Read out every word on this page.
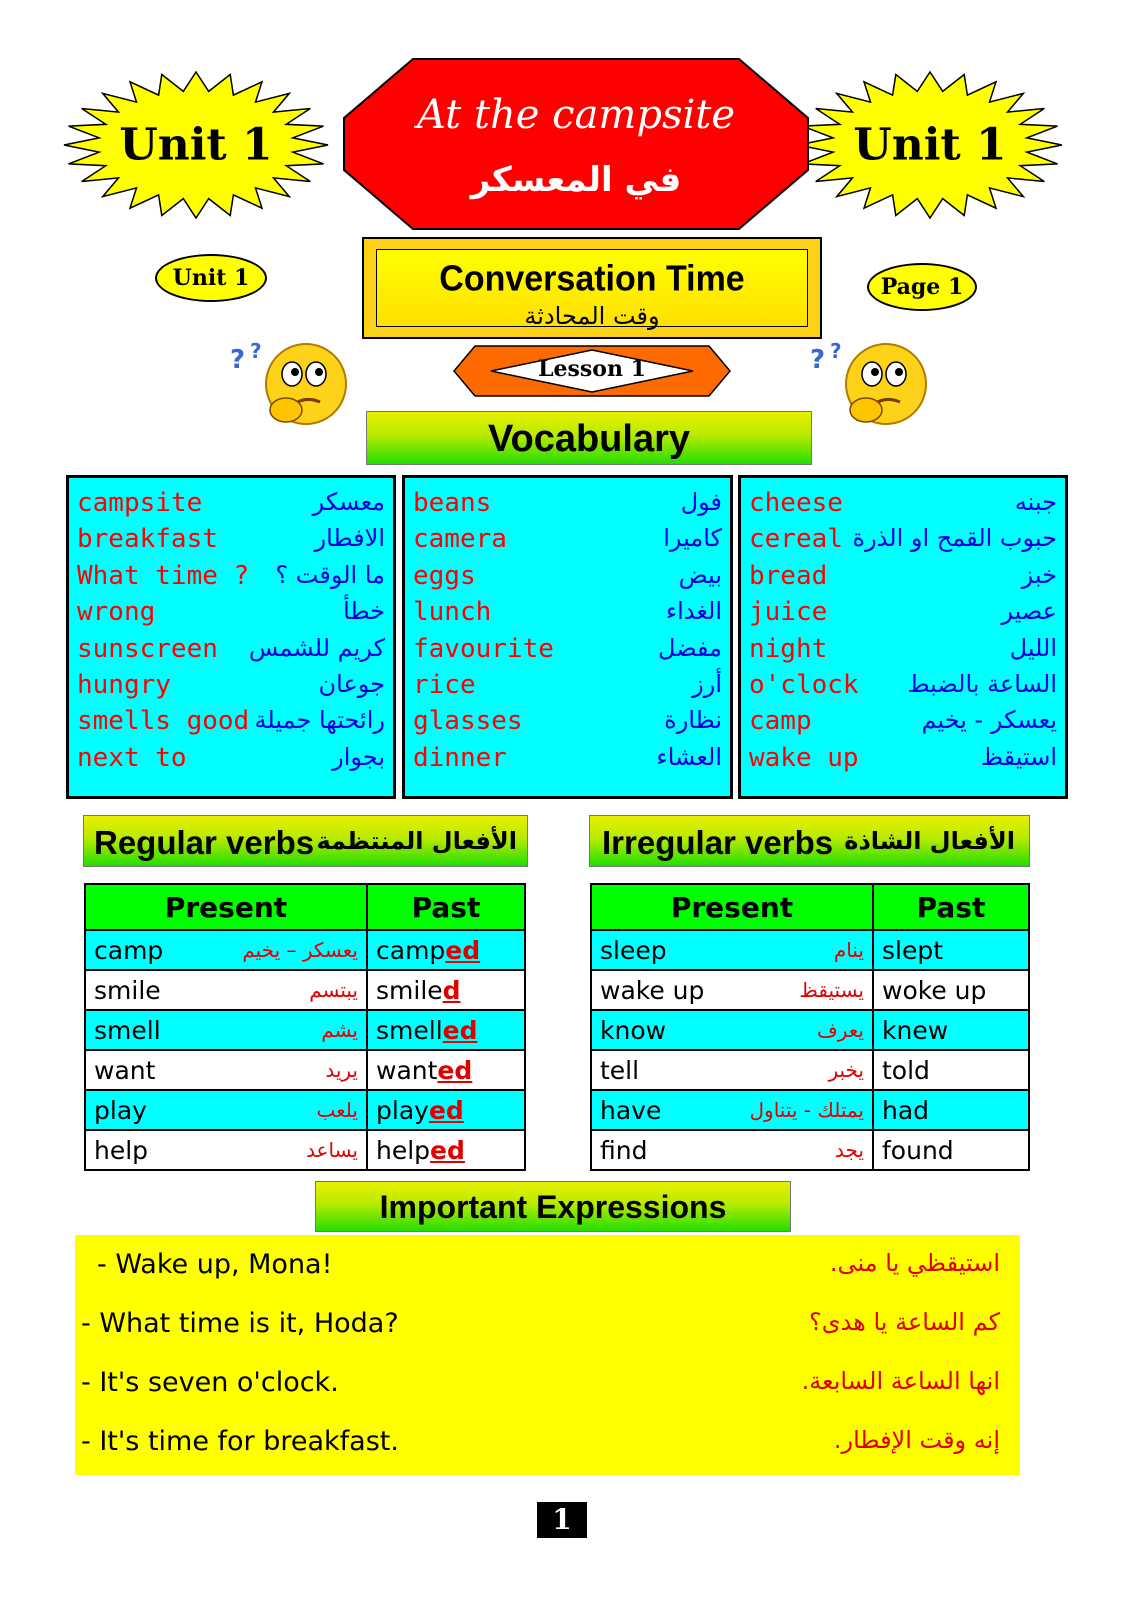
Unit 1	Unit 1
At the campsite
في المعسكر
Unit 1	Page 1
Conversation Time
وقت المحادثة
? ?	? ?
Lesson 1
Vocabulary
campsite	معسكر
breakfast	الافطار
What time ? ما الوقت ؟
wrong	خطأ
sunscreen كريم للشمس
hungry	جوعان
smells good رائحتها جميلة
next to	بجوار
beans	فول
camera	كاميرا
eggs	بيض
lunch	الغداء
favourite	مفضل
rice	أرز
glasses	نظارة
dinner	العشاء
cheese	جبنه
cereal حبوب القمح او الذرة
bread	خبز
juice	عصير
night	الليل
o'clock الساعة بالضبط
camp	يعسكر - يخيم
wake up	استيقظ
Regular verbs الأفعال المنتظمة	Irregular verbs الأفعال الشاذة
Present	Past

camp يعسكر – يخيم	camped

smile يبتسم	smiled

smell يشم	smelled

want يريد	wanted

play يلعب	played

help يساعد	helped
Present	Past

sleep ينام	slept

wake up يستيقظ	woke up

know يعرف	knew

tell يخبر	told

have يمتلك - يتناول	had

find يجد	found
Important Expressions
- Wake up, Mona!	استيقظي يا منى.
- What time is it, Hoda?	كم الساعة يا هدى؟
- It's seven o'clock.	انها الساعة السابعة.
- It's time for breakfast.	إنه وقت الإفطار.
1
